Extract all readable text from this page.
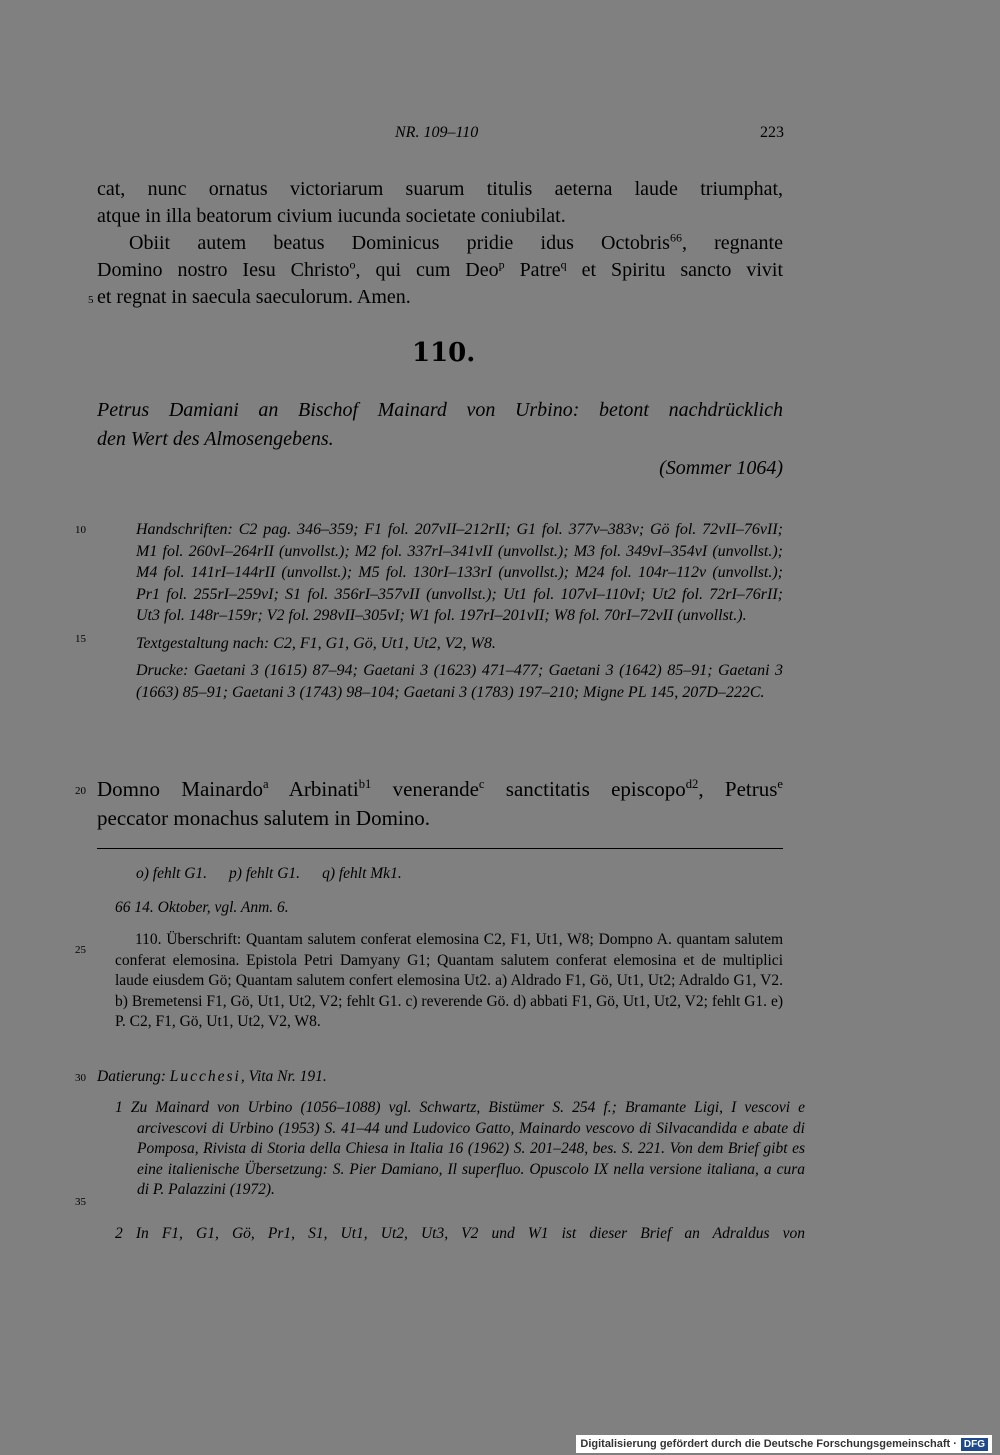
NR. 109–110	223
5
10
15
20
25
30
35
cat, nunc ornatus victoriarum suarum titulis aeterna laude triumphat,
atque in illa beatorum civium iucunda societate coniubilat.
Obiit autem beatus Dominicus pridie idus Octobris$^{66}$, regnante
Domino nostro Iesu Christo$^o$, qui cum Deo$^p$ Patre$^q$ et Spiritu sancto vivit
et regnat in saecula saeculorum. Amen.
110.
Petrus Damiani an Bischof Mainard von Urbino: betont nachdrücklich
den Wert des Almosengebens.
(Sommer 1064)
Handschriften: C2 pag. 346–359; F1 fol. 207vII–212rII; G1 fol. 377v–383v; Gö fol. 72vII–76vII; M1 fol. 260vI–264rII (unvollst.); M2 fol. 337rI–341vII (unvollst.); M3 fol. 349vI–354vI (unvollst.); M4 fol. 141rI–144rII (unvollst.); M5 fol. 130rI–133rI (unvollst.); M24 fol. 104r–112v (unvollst.); Pr1 fol. 255rI–259vI; S1 fol. 356rI–357vII (unvollst.); Ut1 fol. 107vI–110vI; Ut2 fol. 72rI–76rII; Ut3 fol. 148r–159r; V2 fol. 298vII–305vI; W1 fol. 197rI–201vII; W8 fol. 70rI–72vII (unvollst.).
Textgestaltung nach: C2, F1, G1, Gö, Ut1, Ut2, V2, W8.
Drucke: Gaetani 3 (1615) 87–94; Gaetani 3 (1623) 471–477; Gaetani 3 (1642) 85–91; Gaetani 3 (1663) 85–91; Gaetani 3 (1743) 98–104; Gaetani 3 (1783) 197–210; Migne PL 145, 207D–222C.
Domno Mainardo$^a$ Arbinati$^{b1}$ venerande$^c$ sanctitatis episcopo$^{d2}$, Petrus$^e$
peccator monachus salutem in Domino.
o) fehlt G1. p) fehlt G1. q) fehlt Mk1.
66 14. Oktober, vgl. Anm. 6.
110. Überschrift: Quantam salutem conferat elemosina C2, F1, Ut1, W8; Dompno A. quantam salutem conferat elemosina. Epistola Petri Damyany G1; Quantam salutem conferat elemosina et de multiplici laude eiusdem Gö; Quantam salutem confert elemosina Ut2. a) Aldrado F1, Gö, Ut1, Ut2; Adraldo G1, V2. b) Bremetensi F1, Gö, Ut1, Ut2, V2; fehlt G1. c) reverende Gö. d) abbati F1, Gö, Ut1, Ut2, V2; fehlt G1. e) P. C2, F1, Gö, Ut1, Ut2, V2, W8.
Datierung: Lucchesi, Vita Nr. 191.
1 Zu Mainard von Urbino (1056–1088) vgl. Schwartz, Bistümer S. 254 f.; Bramante Ligi, I vescovi e arcivescovi di Urbino (1953) S. 41–44 und Ludovico Gatto, Mainardo vescovo di Silvacandida e abate di Pomposa, Rivista di Storia della Chiesa in Italia 16 (1962) S. 201–248, bes. S. 221. Von dem Brief gibt es eine italienische Übersetzung: S. Pier Damiano, Il superfluo. Opuscolo IX nella versione italiana, a cura di P. Palazzini (1972).
2 In F1, G1, Gö, Pr1, S1, Ut1, Ut2, Ut3, V2 und W1 ist dieser Brief an Adraldus von
Digitalisierung gefördert durch die Deutsche Forschungsgemeinschaft · DFG
